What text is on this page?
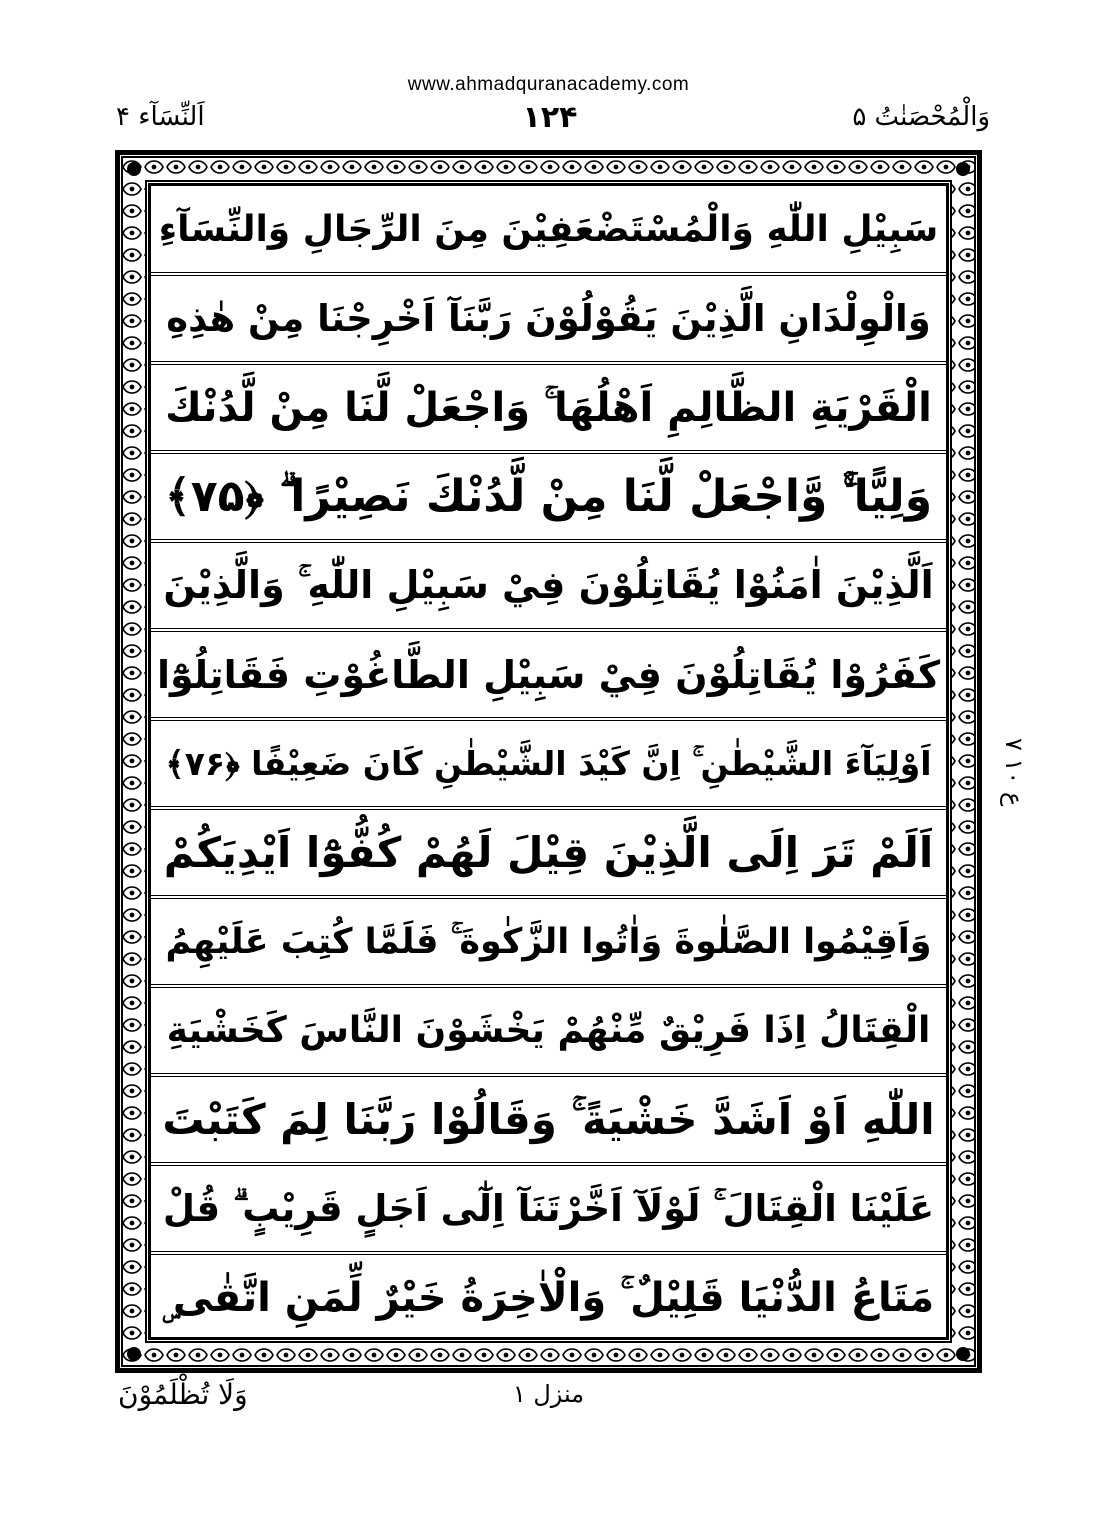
www.ahmadquranacademy.com
اَلنِّسَآء ۴	۱۲۴	وَالْمُحْصَنٰتُ ۵
سَبِيْلِ اللّٰهِ وَالْمُسْتَضْعَفِيْنَ مِنَ الرِّجَالِ وَالنِّسَآءِ
وَالْوِلْدَانِ الَّذِيْنَ يَقُوْلُوْنَ رَبَّنَآ اَخْرِجْنَا مِنْ هٰذِهِ
الْقَرْيَةِ الظَّالِمِ اَهْلُهَا ۚ وَاجْعَلْ لَّنَا مِنْ لَّدُنْكَ
وَلِيًّا ۙۚ وَّاجْعَلْ لَّنَا مِنْ لَّدُنْكَ نَصِيْرًا ۗ ﴿۷۵﴾
اَلَّذِيْنَ اٰمَنُوْا يُقَاتِلُوْنَ فِيْ سَبِيْلِ اللّٰهِ ۚ وَالَّذِيْنَ
كَفَرُوْا يُقَاتِلُوْنَ فِيْ سَبِيْلِ الطَّاغُوْتِ فَقَاتِلُوْٓا
اَوْلِيَآءَ الشَّيْطٰنِ ۚ اِنَّ كَيْدَ الشَّيْطٰنِ كَانَ ضَعِيْفًا ﴿۷۶﴾
اَلَمْ تَرَ اِلَى الَّذِيْنَ قِيْلَ لَهُمْ كُفُّوْٓا اَيْدِيَكُمْ
وَاَقِيْمُوا الصَّلٰوةَ وَاٰتُوا الزَّكٰوةَ ۚ فَلَمَّا كُتِبَ عَلَيْهِمُ
الْقِتَالُ اِذَا فَرِيْقٌ مِّنْهُمْ يَخْشَوْنَ النَّاسَ كَخَشْيَةِ
اللّٰهِ اَوْ اَشَدَّ خَشْيَةً ۚ وَقَالُوْا رَبَّنَا لِمَ كَتَبْتَ
عَلَيْنَا الْقِتَالَ ۚ لَوْلَآ اَخَّرْتَنَآ اِلٰٓى اَجَلٍ قَرِيْبٍ ۗ قُلْ
مَتَاعُ الدُّنْيَا قَلِيْلٌ ۚ وَالْاٰخِرَةُ خَيْرٌ لِّمَنِ اتَّقٰى ۣ
ع ۱۰ ۷
وَلَا تُظْلَمُوْنَ	منزل ۱
